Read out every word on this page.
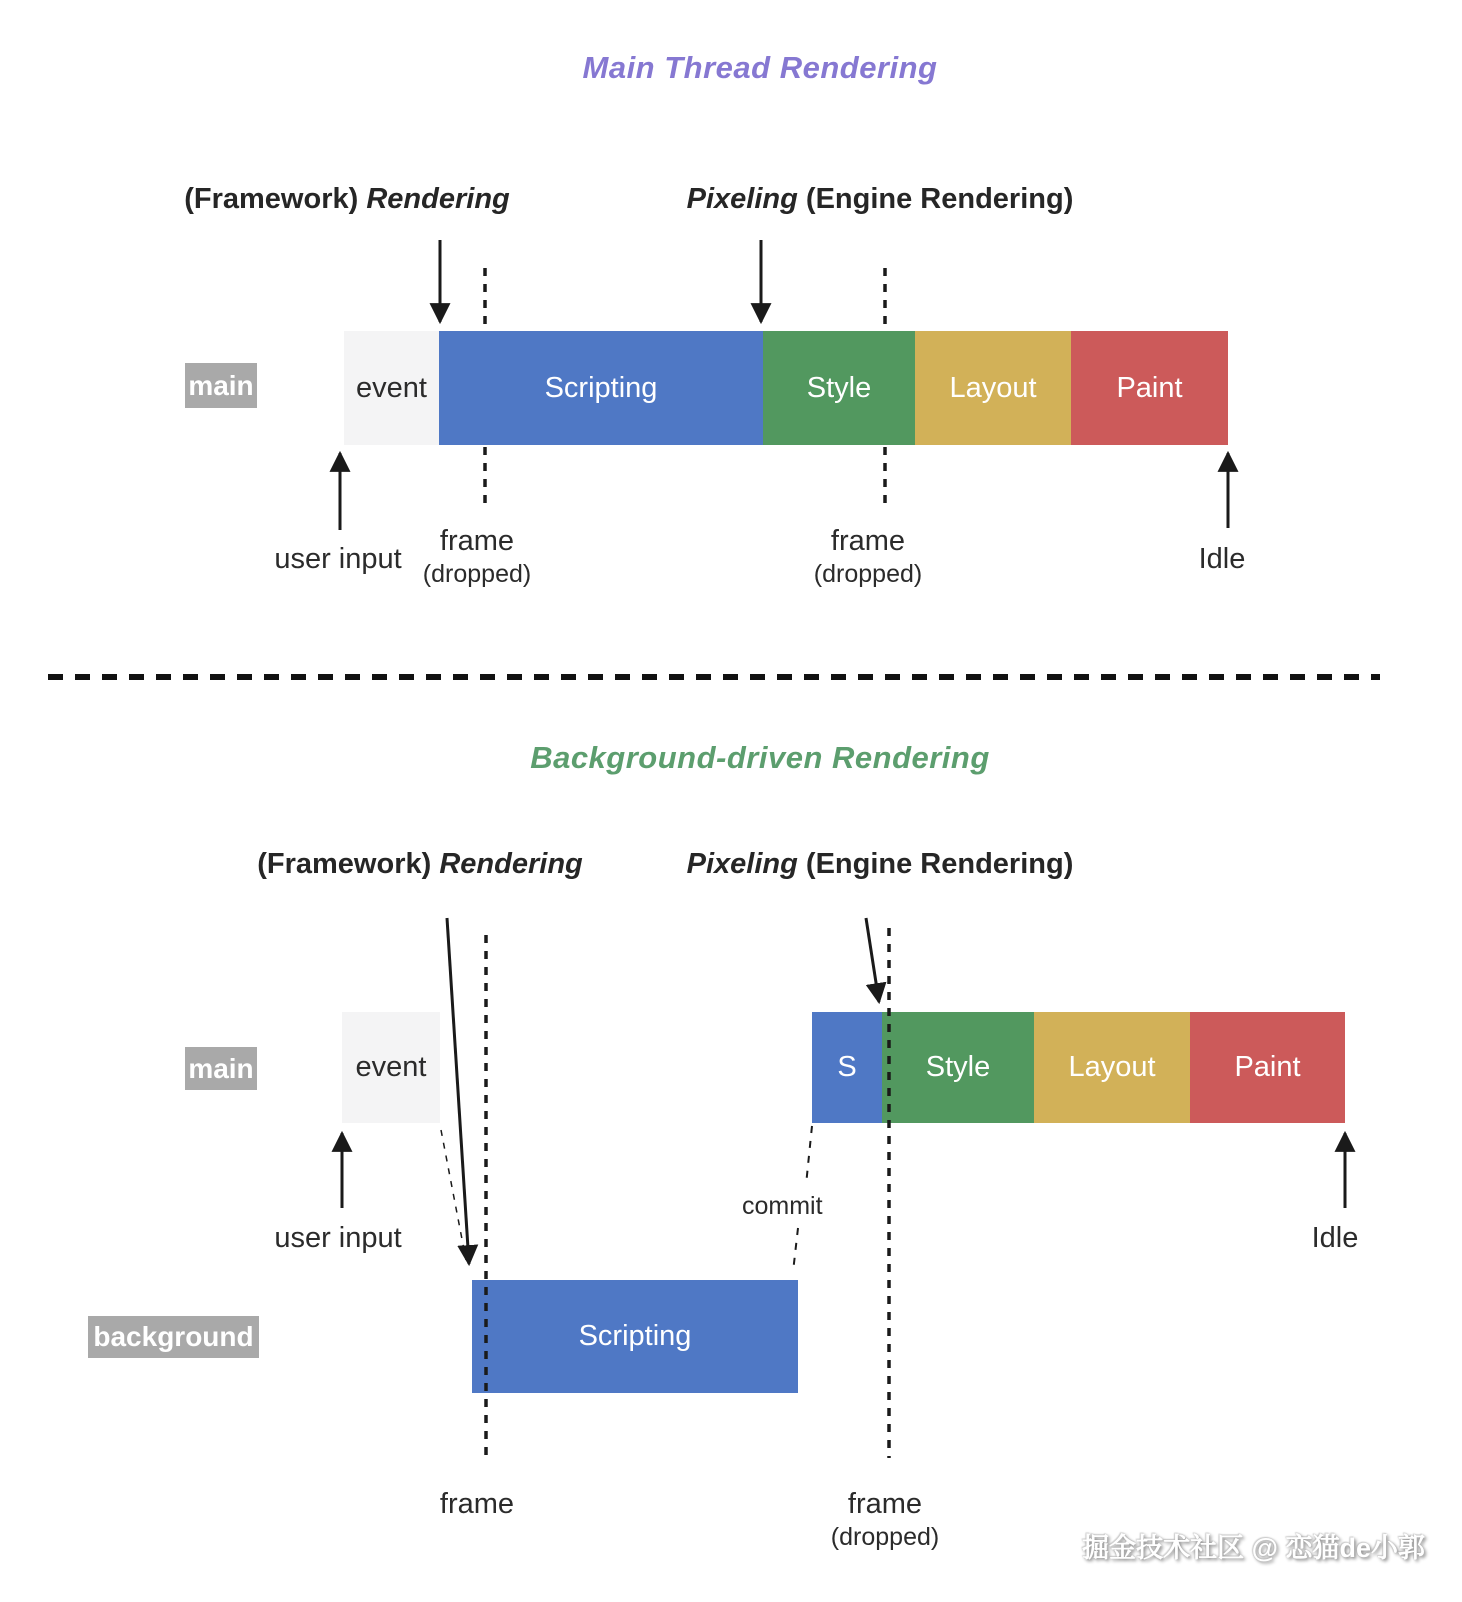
Main Thread Rendering
(Framework) Rendering	Pixeling (Engine Rendering)
main	event	Scripting	Style	Layout	Paint
user input
frame
(dropped)
frame
(dropped)	Idle
Background-driven Rendering
(Framework) Rendering	Pixeling (Engine Rendering)
main	event	S	Style	Layout	Paint
background	Scripting
user input
commit
Idle
frame	frame
(dropped)	掘金技术社区 @ 恋猫de小郭
